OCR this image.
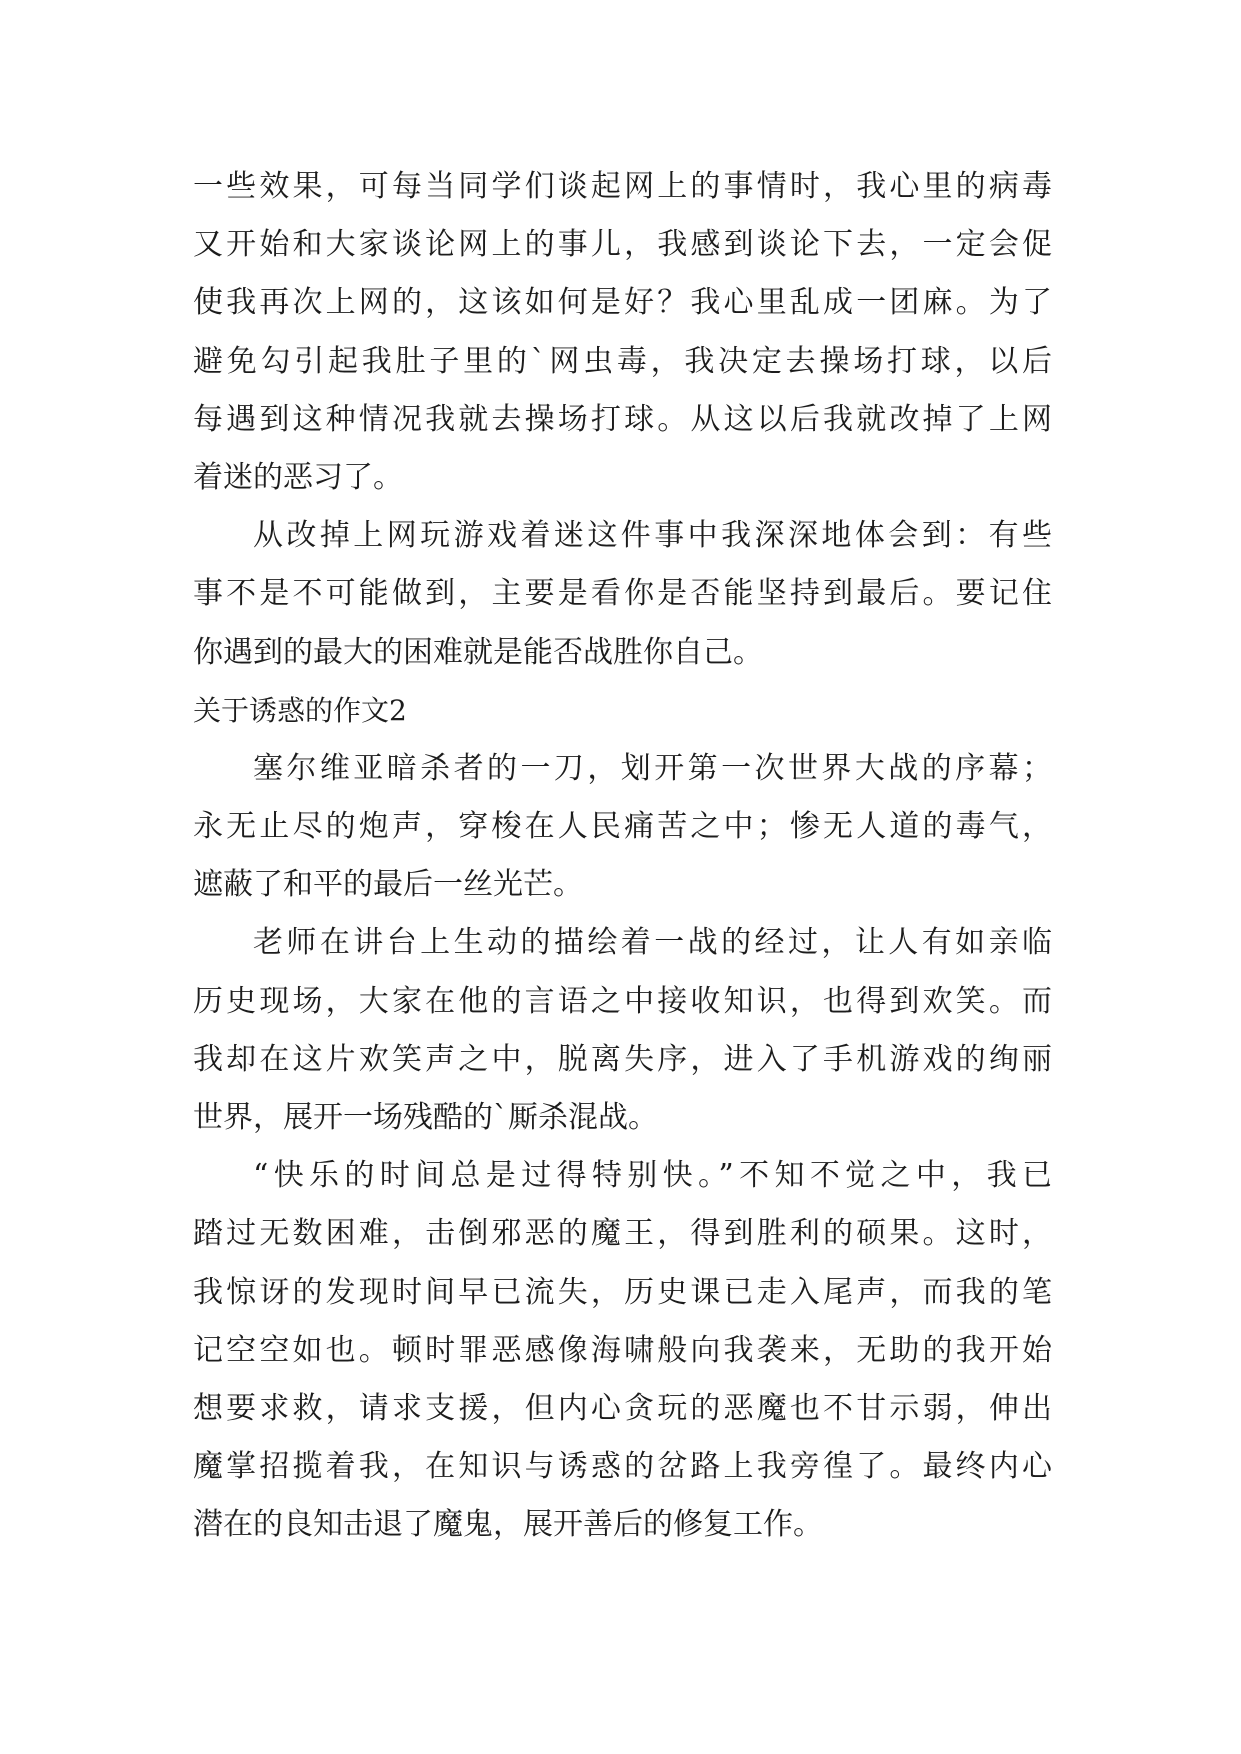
一些效果，可每当同学们谈起网上的事情时，我心里的病毒
又开始和大家谈论网上的事儿，我感到谈论下去，一定会促
使我再次上网的，这该如何是好？我心里乱成一团麻。为了
避免勾引起我肚子里的`网虫毒，我决定去操场打球，以后
每遇到这种情况我就去操场打球。从这以后我就改掉了上网
着迷的恶习了。
从改掉上网玩游戏着迷这件事中我深深地体会到：有些
事不是不可能做到，主要是看你是否能坚持到最后。要记住
你遇到的最大的困难就是能否战胜你自己。
关于诱惑的作文2
塞尔维亚暗杀者的一刀，划开第一次世界大战的序幕；
永无止尽的炮声，穿梭在人民痛苦之中；惨无人道的毒气，
遮蔽了和平的最后一丝光芒。
老师在讲台上生动的描绘着一战的经过，让人有如亲临
历史现场，大家在他的言语之中接收知识，也得到欢笑。而
我却在这片欢笑声之中，脱离失序，进入了手机游戏的绚丽
世界，展开一场残酷的`厮杀混战。
“快乐的时间总是过得特别快。”不知不觉之中，我已
踏过无数困难，击倒邪恶的魔王，得到胜利的硕果。这时，
我惊讶的发现时间早已流失，历史课已走入尾声，而我的笔
记空空如也。顿时罪恶感像海啸般向我袭来，无助的我开始
想要求救，请求支援，但内心贪玩的恶魔也不甘示弱，伸出
魔掌招揽着我，在知识与诱惑的岔路上我旁徨了。最终内心
潜在的良知击退了魔鬼，展开善后的修复工作。
